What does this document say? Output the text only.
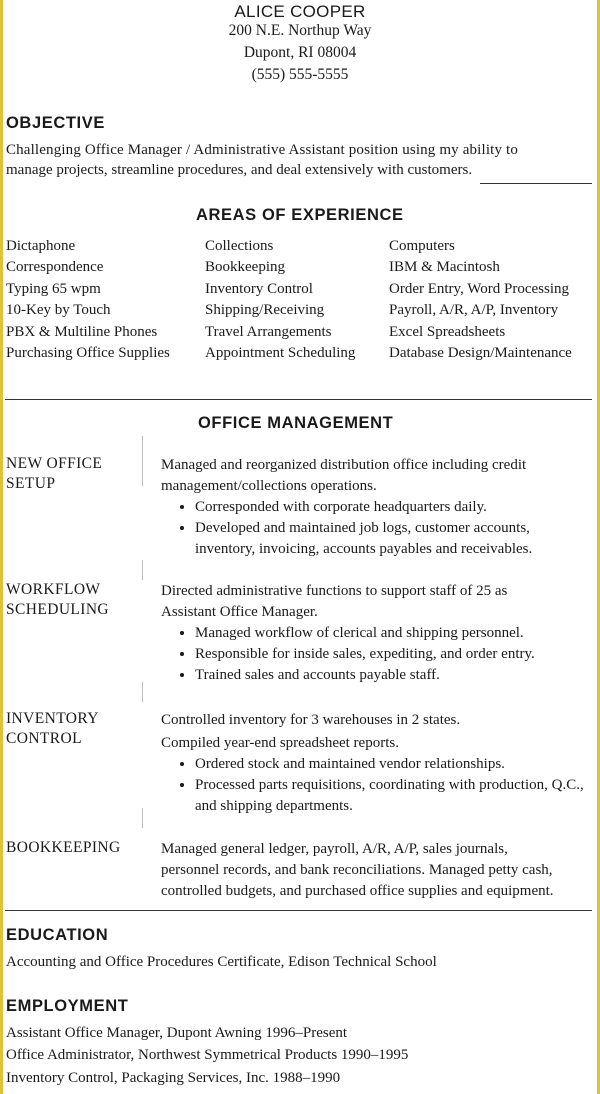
ALICE COOPER
200 N.E. Northup Way
Dupont, RI 08004
(555) 555-5555
OBJECTIVE
Challenging Office Manager / Administrative Assistant position using my ability to
manage projects, streamline procedures, and deal extensively with customers.
AREAS OF EXPERIENCE
Dictaphone
Correspondence
Typing 65 wpm
10-Key by Touch
PBX & Multiline Phones
Purchasing Office Supplies
Collections
Bookkeeping
Inventory Control
Shipping/Receiving
Travel Arrangements
Appointment Scheduling
Computers
IBM & Macintosh
Order Entry, Word Processing
Payroll, A/R, A/P, Inventory
Excel Spreadsheets
Database Design/Maintenance
OFFICE MANAGEMENT
NEW OFFICE
SETUP

Managed and reorganized distribution office including credit

management/collections operations.

• Corresponded with corporate headquarters daily.
• Developed and maintained job logs, customer accounts, inventory, invoicing, accounts payables and receivables.
WORKFLOW
SCHEDULING

Directed administrative functions to support staff of 25 as

Assistant Office Manager.

• Managed workflow of clerical and shipping personnel.
• Responsible for inside sales, expediting, and order entry.
• Trained sales and accounts payable staff.
INVENTORY
CONTROL

Controlled inventory for 3 warehouses in 2 states.

Compiled year-end spreadsheet reports.

• Ordered stock and maintained vendor relationships.
• Processed parts requisitions, coordinating with production, Q.C., and shipping departments.
BOOKKEEPING	Managed general ledger, payroll, A/R, A/P, sales journals,

personnel records, and bank reconciliations. Managed petty cash,

controlled budgets, and purchased office supplies and equipment.

EDUCATION
Accounting and Office Procedures Certificate, Edison Technical School
EMPLOYMENT
Assistant Office Manager, Dupont Awning 1996–Present
Office Administrator, Northwest Symmetrical Products 1990–1995
Inventory Control, Packaging Services, Inc. 1988–1990
